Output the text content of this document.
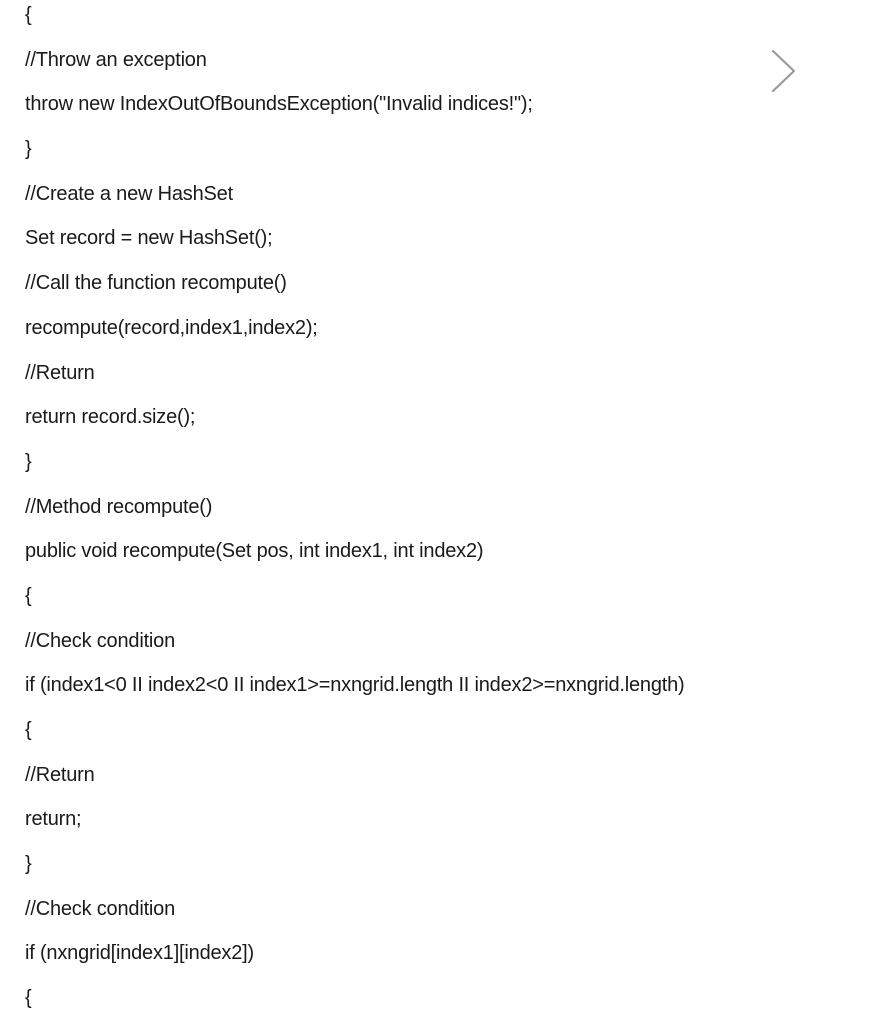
{
//Throw an exception
throw new IndexOutOfBoundsException("Invalid indices!");
}
//Create a new HashSet
Set record = new HashSet();
//Call the function recompute()
recompute(record,index1,index2);
//Return
return record.size();
}
//Method recompute()
public void recompute(Set pos, int index1, int index2)
{
//Check condition
if (index1<0 II index2<0 II index1>=nxngrid.length II index2>=nxngrid.length)
{
//Return
return;
}
//Check condition
if (nxngrid[index1][index2])
{
